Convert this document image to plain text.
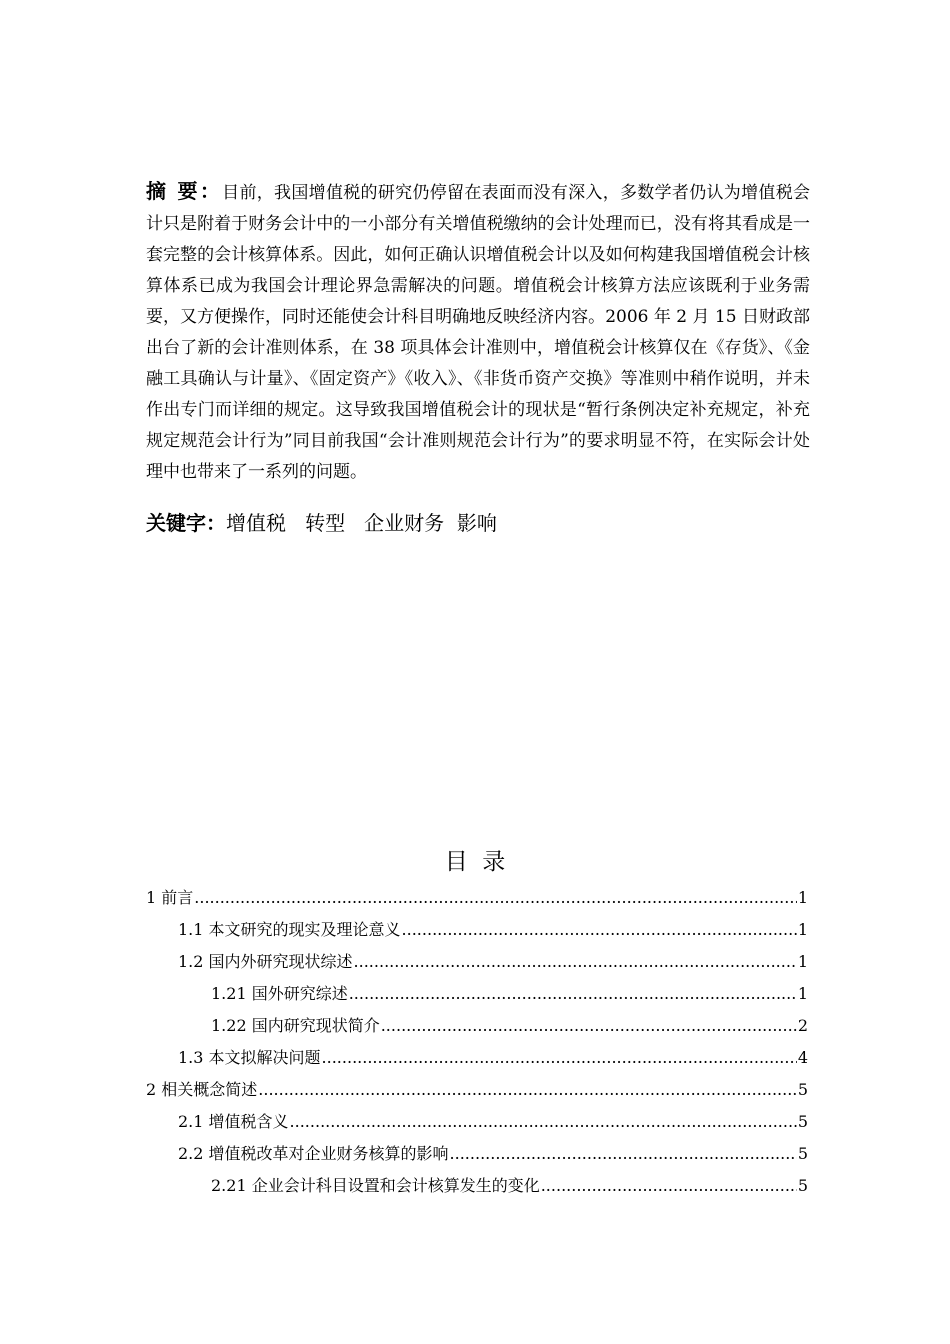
摘 要：目前，我国增值税的研究仍停留在表面而没有深入，多数学者仍认为增值税会计只是附着于财务会计中的一小部分有关增值税缴纳的会计处理而已，没有将其看成是一套完整的会计核算体系。因此，如何正确认识增值税会计以及如何构建我国增值税会计核算体系已成为我国会计理论界急需解决的问题。增值税会计核算方法应该既利于业务需要，又方便操作，同时还能使会计科目明确地反映经济内容。2006 年 2 月 15 日财政部出台了新的会计准则体系，在 38 项具体会计准则中，增值税会计核算仅在《存货》、《金融工具确认与计量》、《固定资产》《收入》、《非货币资产交换》等准则中稍作说明，并未作出专门而详细的规定。这导致我国增值税会计的现状是“暂行条例决定补充规定，补充规定规范会计行为”同目前我国“会计准则规范会计行为”的要求明显不符，在实际会计处理中也带来了一系列的问题。
关键字：增值税   转型   企业财务  影响
目  录
1 前言 .....	1
1.1 本文研究的现实及理论意义 .....	1
1.2 国内外研究现状综述 .....	1
1.21 国外研究综述 .....	1
1.22 国内研究现状简介 .....	2
1.3 本文拟解决问题 .....	4
2 相关概念简述 .....	5
2.1 增值税含义 .....	5
2.2 增值税改革对企业财务核算的影响 .....	5
2.21 企业会计科目设置和会计核算发生的变化 .....	5
